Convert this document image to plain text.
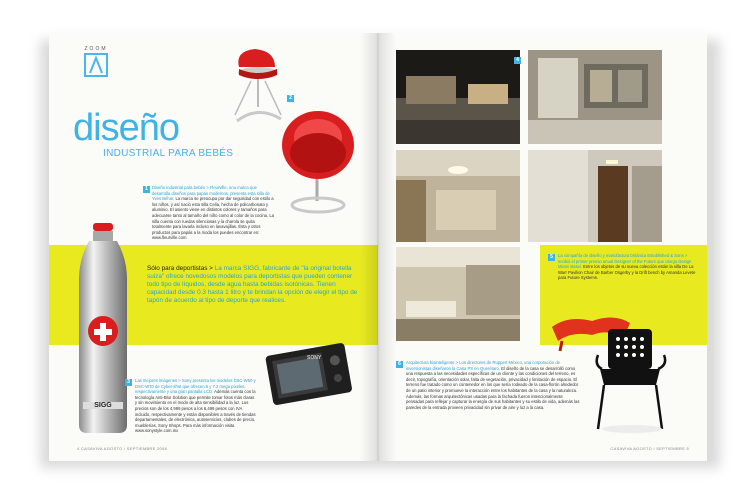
ZOOM
diseño
INDUSTRIAL PARA BEBÉS
2
1 Diseño industrial para bebés > Fleurville, una marca que desarrolla diseños para papás modernos, presenta esta silla de Yves Béhar. La marca se preocupa por dar seguridad con estilo a los niños, y así nació esta silla Celia, hecha de policarbonato y aluminio. El asiento viene en distintos colores y tamaños para adecuarse tanto al tamaño del niño como al color de la cocina. La silla cuenta con ruedas silenciosas y la charola se quita totalmente para lavarla incluso en lavavajillas. Ésta y otros productos para papás a la moda los puedes encontrar en: www.fleurville.com
SIGG
Sólo para deportistas > La marca SIGG, fabricante de "la original botella suiza" ofrece novedosos modelos para deportistas que pueden contener todo tipo de líquidos, desde agua hasta bebidas isotónicas. Tienen capacidad desde 0.3 hasta 1 litro y te brindan la opción de elegir el tipo de tapón de acuerdo al tipo de deporte que realices.
SONY
3	Las mejores imágenes > Sony presenta los modelos DSC-W50 y DSC-W70 de Cyber-shot que ofrecen 6 y 7.2 mega píxeles, respectivamente y una gran pantalla LCD. Además cuenta con la tecnología Anti-Blur Solution que permite tomar fotos más claras y sin movimiento en el modo de alta sensibilidad a la luz. Los precios son de los 4,999 pesos a los 6,499 pesos con IVA incluido, respectivamente y están disponibles a través de tiendas departamentales, de electrónica, autoservicios, clubes de precio, mueblerías, Sony Shops. Para más información visita www.sonystyle.com.mx
4 CASAVIVA AGOSTO / SEPTIEMBRE 2006
4
5	La compañía de diseño y manufactura británica Established & Sons > recibió el primer premio anual Designer of the Future que otorga Design Miami Basel. Entre los objetos de su nueva colección están la silla De La Warr Pavilion Chair de Barber Osgerby y la Drift bench by Amanda Levete para Future Systems.
6	Arquitectura biointeligente > Los directores de Ruppert México, una corporación de inversionistas diseñaron la Casa PS en Querétaro. El diseño de la casa se desarrolló como una respuesta a las necesidades específicas de un cliente y las condiciones del terreno, es decir, topografía, orientación solar, falta de vegetación, privacidad y limitación de espacio. El terreno fue tratado como un contenedor en los que sería rodeado de la casa-florón alrededor de un patio interior y promueve la interacción entre los habitantes de la casa y la naturaleza. Además, las formas arquitectónicas usadas para la fachada fueron intencionalmente pensadas para reflejar y capturar la energía de sus habitantes y su estilo de vida, además las paredes de la entrada proveen privacidad sin privar de aire y luz a la casa.
CASAVIVA AGOSTO / SEPTIEMBRE 5
